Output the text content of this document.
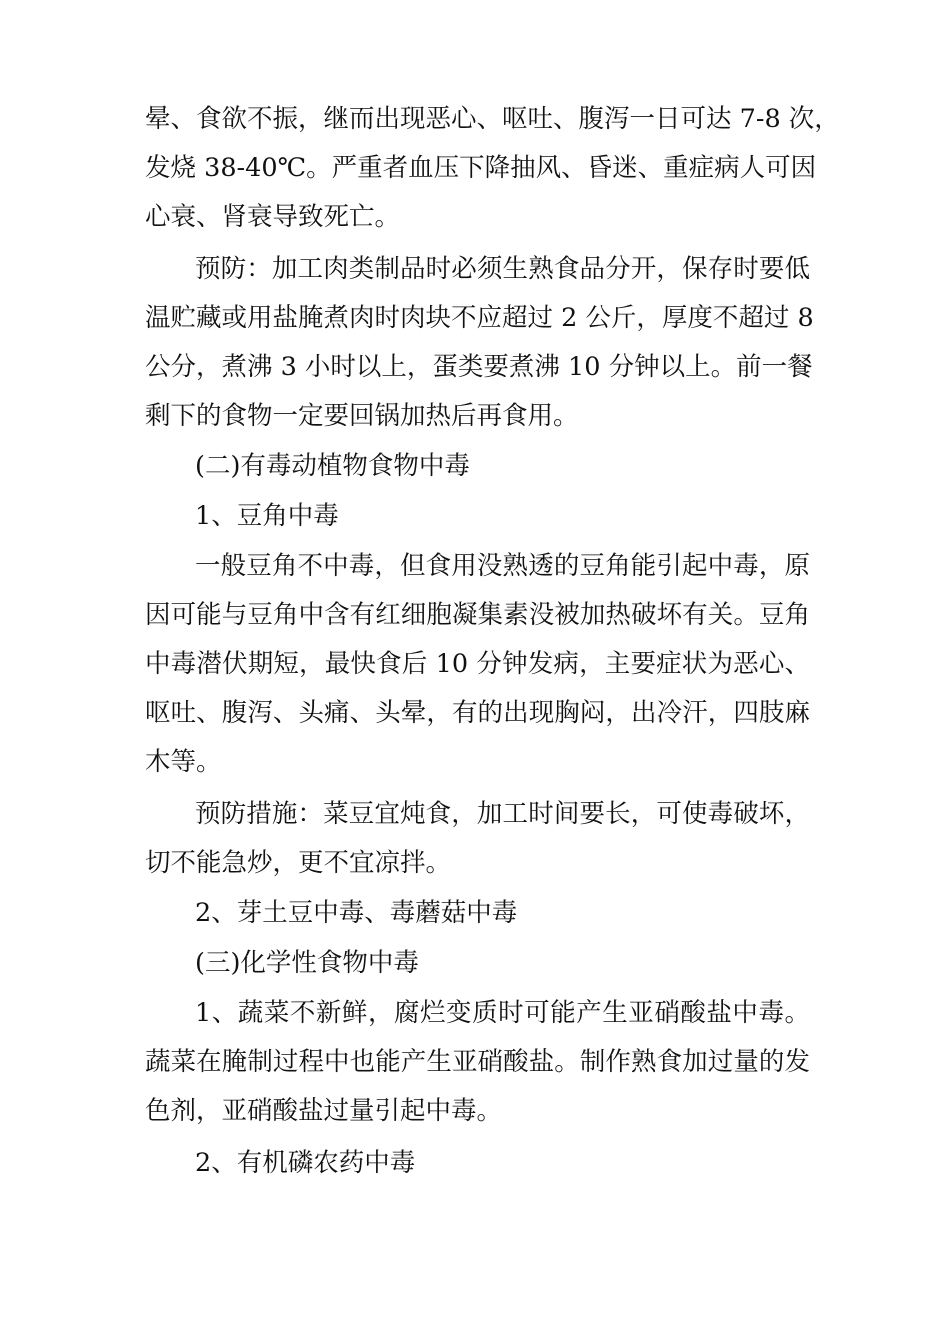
晕、食欲不振，继而出现恶心、呕吐、腹泻一日可达 7-8 次，

发烧 38-40℃。严重者血压下降抽风、昏迷、重症病人可因

心衰、肾衰导致死亡。

预防：加工肉类制品时必须生熟食品分开，保存时要低

温贮藏或用盐腌煮肉时肉块不应超过 2 公斤，厚度不超过 8

公分，煮沸 3 小时以上，蛋类要煮沸 10 分钟以上。前一餐

剩下的食物一定要回锅加热后再食用。

(二)有毒动植物食物中毒

1、豆角中毒

一般豆角不中毒，但食用没熟透的豆角能引起中毒，原

因可能与豆角中含有红细胞凝集素没被加热破坏有关。豆角

中毒潜伏期短，最快食后 10 分钟发病，主要症状为恶心、

呕吐、腹泻、头痛、头晕，有的出现胸闷，出冷汗，四肢麻

木等。

预防措施：菜豆宜炖食，加工时间要长，可使毒破坏，

切不能急炒，更不宜凉拌。

2、芽土豆中毒、毒蘑菇中毒

(三)化学性食物中毒

1、蔬菜不新鲜，腐烂变质时可能产生亚硝酸盐中毒。

蔬菜在腌制过程中也能产生亚硝酸盐。制作熟食加过量的发

色剂，亚硝酸盐过量引起中毒。

2、有机磷农药中毒
